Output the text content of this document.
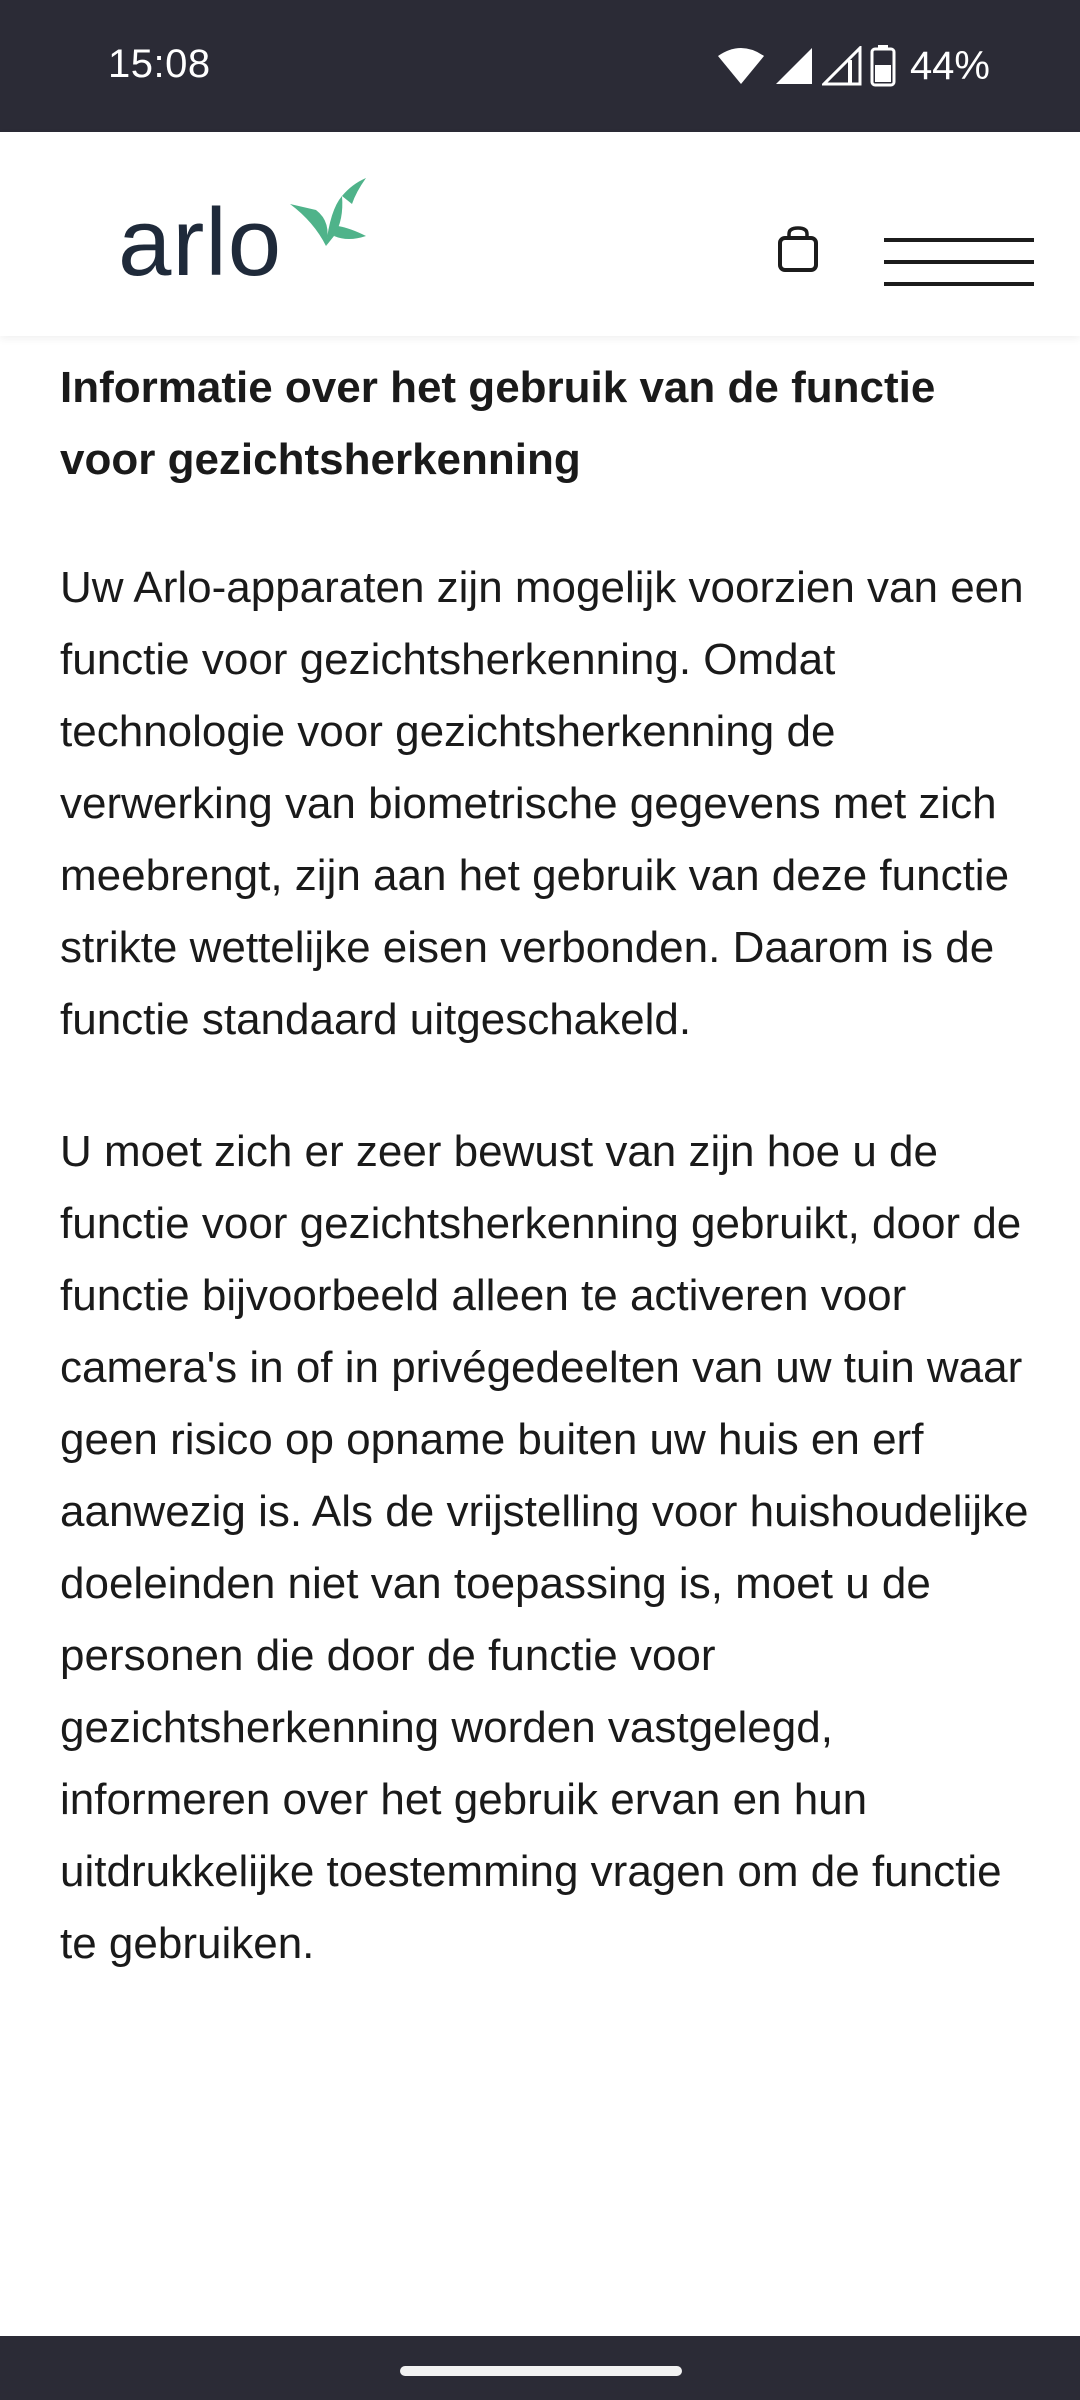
15:08	44%
arlo
Informatie over het gebruik van de functie voor gezichtsherkenning

Uw Arlo-apparaten zijn mogelijk voorzien van een functie voor gezichtsherkenning. Omdat technologie voor gezichtsherkenning de verwerking van biometrische gegevens met zich meebrengt, zijn aan het gebruik van deze functie strikte wettelijke eisen verbonden. Daarom is de functie standaard uitgeschakeld.

U moet zich er zeer bewust van zijn hoe u de functie voor gezichtsherkenning gebruikt, door de functie bijvoorbeeld alleen te activeren voor camera's in of in privégedeelten van uw tuin waar geen risico op opname buiten uw huis en erf aanwezig is. Als de vrijstelling voor huishoudelijke doeleinden niet van toepassing is, moet u de personen die door de functie voor gezichtsherkenning worden vastgelegd, informeren over het gebruik ervan en hun uitdrukkelijke toestemming vragen om de functie te gebruiken.
